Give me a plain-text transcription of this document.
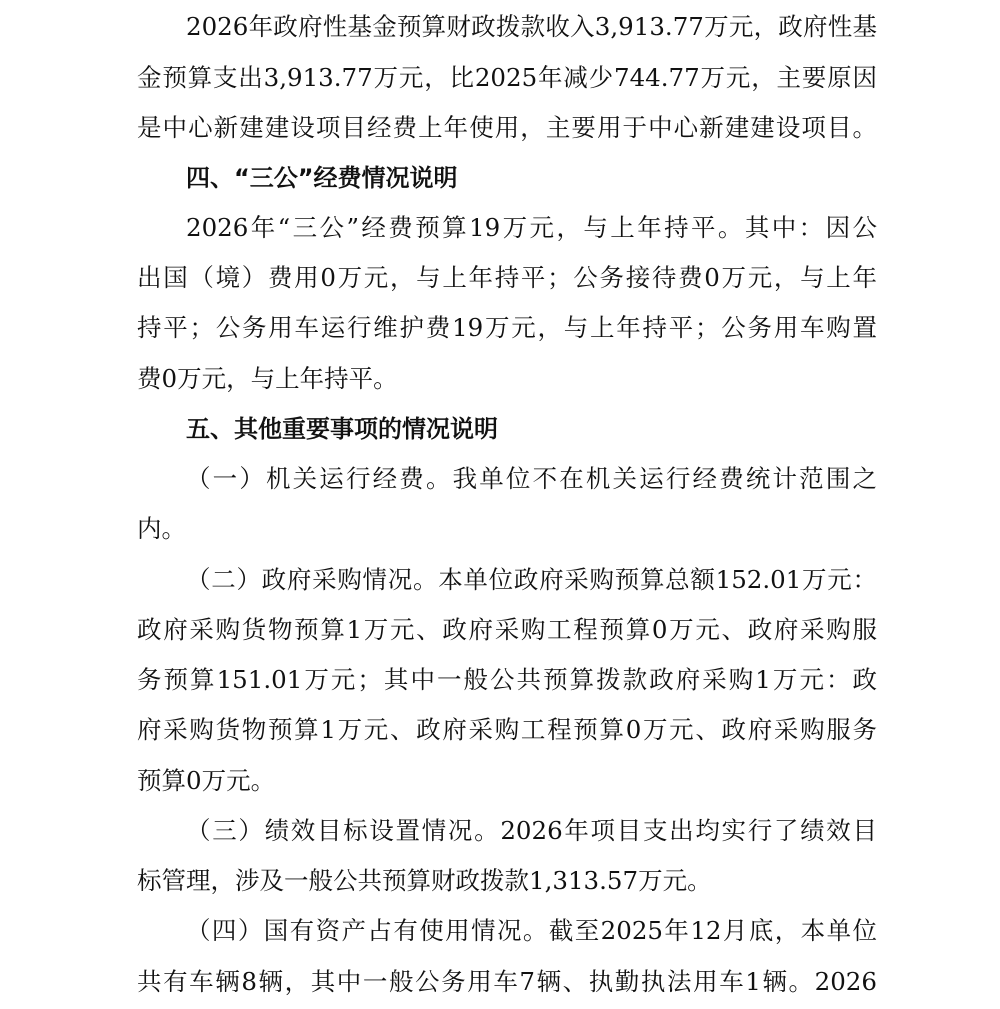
2026年政府性基金预算财政拨款收入3,913.77万元，政府性基
金预算支出3,913.77万元，比2025年减少744.77万元，主要原因
是中心新建建设项目经费上年使用，主要用于中心新建建设项目。
四、“三公”经费情况说明
2026年“三公”经费预算19万元，与上年持平。其中：因公
出国（境）费用0万元，与上年持平；公务接待费0万元，与上年
持平；公务用车运行维护费19万元，与上年持平；公务用车购置
费0万元，与上年持平。
五、其他重要事项的情况说明
（一）机关运行经费。我单位不在机关运行经费统计范围之
内。
（二）政府采购情况。本单位政府采购预算总额152.01万元：
政府采购货物预算1万元、政府采购工程预算0万元、政府采购服
务预算151.01万元；其中一般公共预算拨款政府采购1万元：政
府采购货物预算1万元、政府采购工程预算0万元、政府采购服务
预算0万元。
（三）绩效目标设置情况。2026年项目支出均实行了绩效目
标管理，涉及一般公共预算财政拨款1,313.57万元。
（四）国有资产占有使用情况。截至2025年12月底，本单位
共有车辆8辆，其中一般公务用车7辆、执勤执法用车1辆。2026
